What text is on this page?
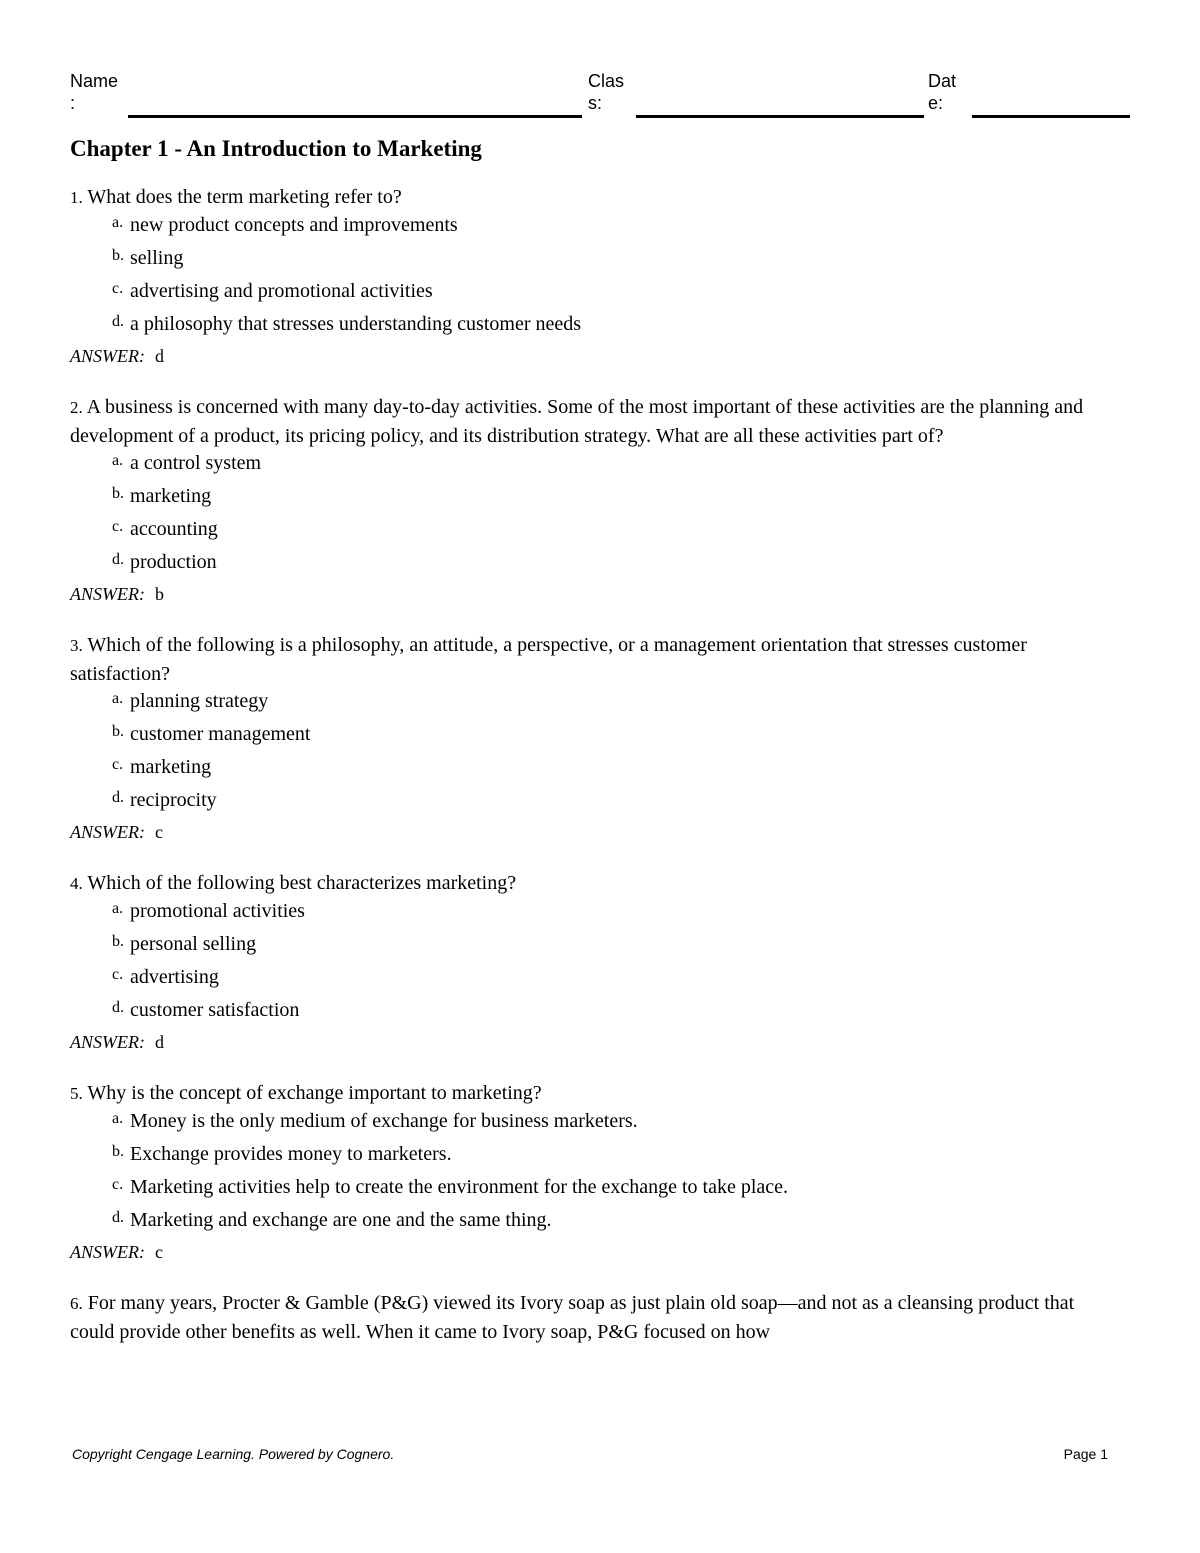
Name
:
Clas
s:
Dat
e:
Chapter 1 - An Introduction to Marketing

1. What does the term marketing refer to?

a. new product concepts and improvements
b. selling
c. advertising and promotional activities
d. a philosophy that stresses understanding customer needs

ANSWER: d

2. A business is concerned with many day-to-day activities. Some of the most important of these activities are the planning and development of a product, its pricing policy, and its distribution strategy. What are all these activities part of?

a. a control system
b. marketing
c. accounting
d. production

ANSWER: b

3. Which of the following is a philosophy, an attitude, a perspective, or a management orientation that stresses customer satisfaction?

a. planning strategy
b. customer management
c. marketing
d. reciprocity

ANSWER: c

4. Which of the following best characterizes marketing?

a. promotional activities
b. personal selling
c. advertising
d. customer satisfaction

ANSWER: d

5. Why is the concept of exchange important to marketing?

a. Money is the only medium of exchange for business marketers.
b. Exchange provides money to marketers.
c. Marketing activities help to create the environment for the exchange to take place.
d. Marketing and exchange are one and the same thing.

ANSWER: c

6. For many years, Procter & Gamble (P&G) viewed its Ivory soap as just plain old soap—and not as a cleansing product that could provide other benefits as well. When it came to Ivory soap, P&G focused on how

Copyright Cengage Learning. Powered by Cognero.	Page 1
